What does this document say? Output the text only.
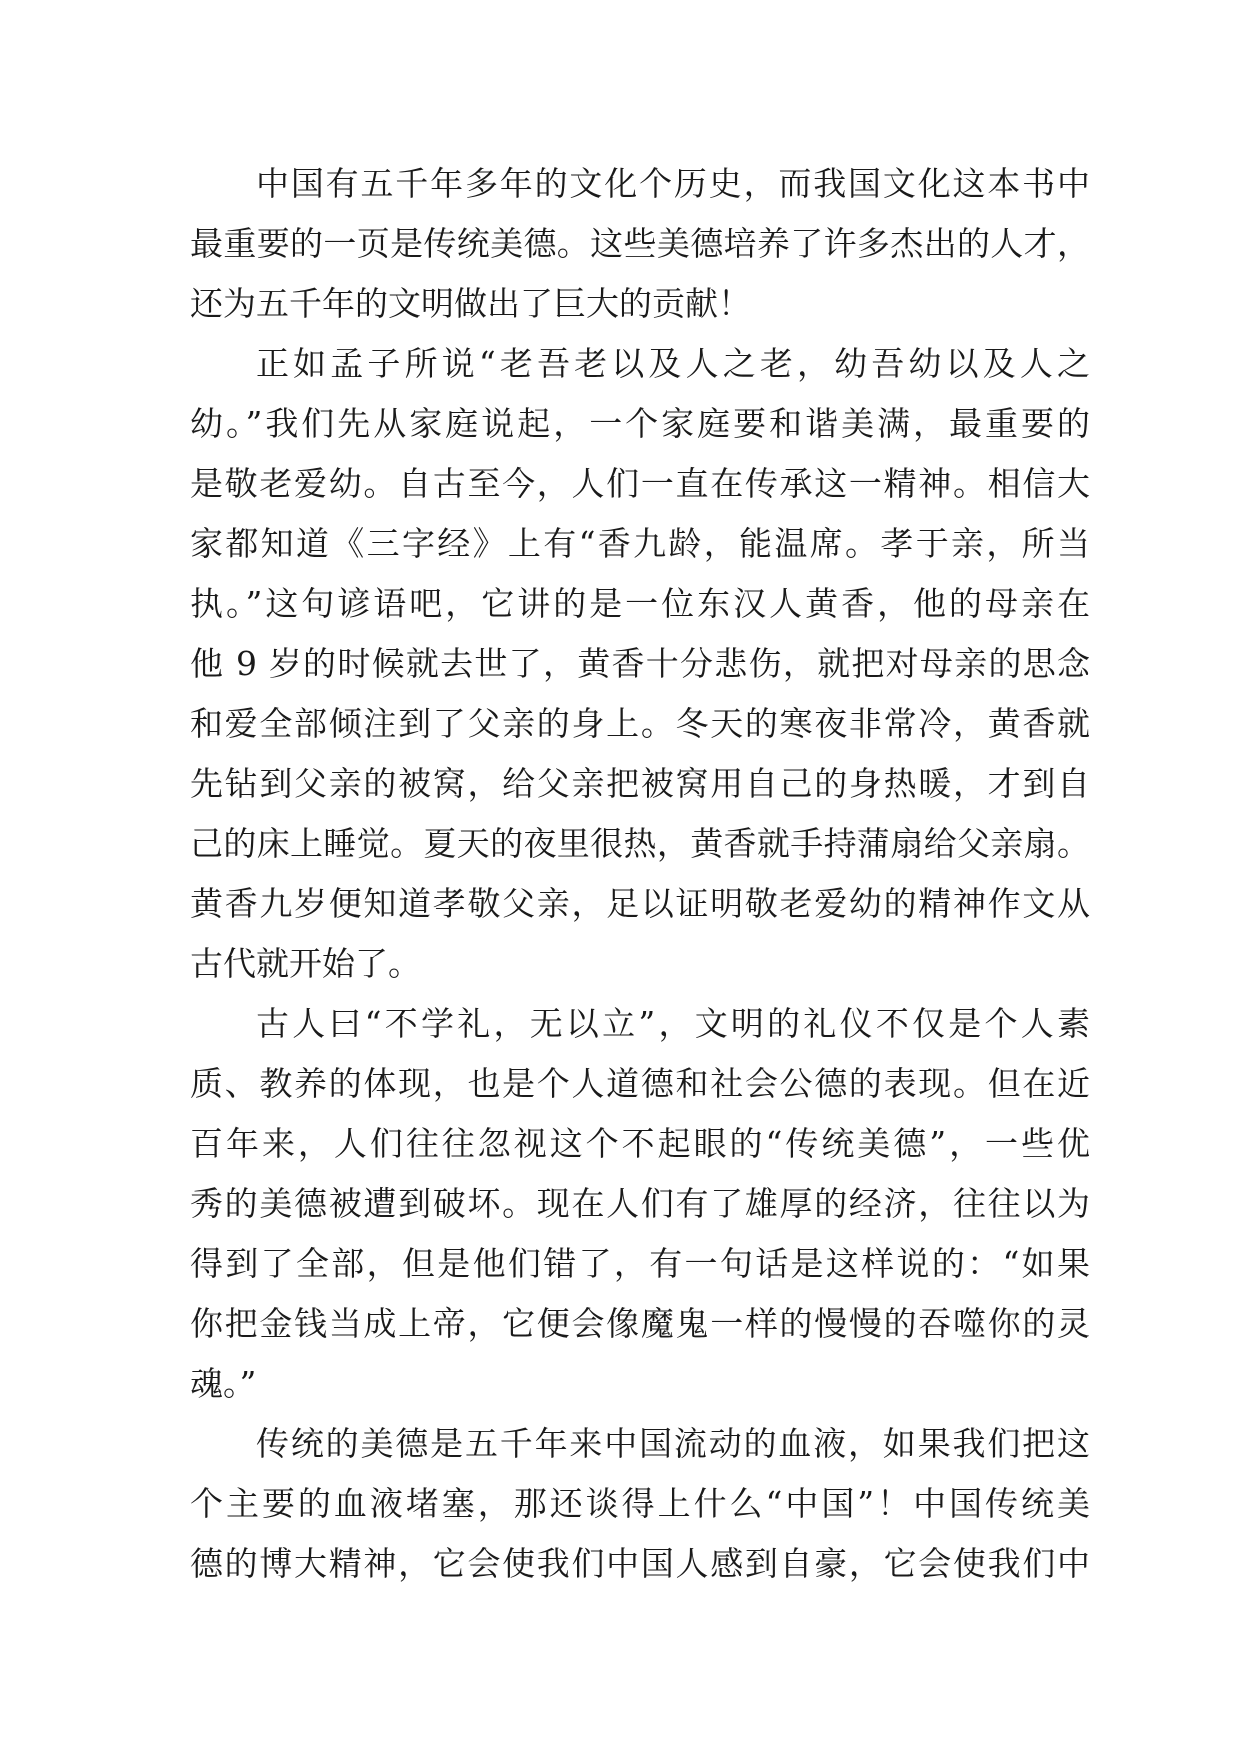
中国有五千年多年的文化个历史，而我国文化这本书中
最重要的一页是传统美德。这些美德培养了许多杰出的人才，
还为五千年的文明做出了巨大的贡献！
正如孟子所说“老吾老以及人之老，幼吾幼以及人之
幼。”我们先从家庭说起，一个家庭要和谐美满，最重要的
是敬老爱幼。自古至今，人们一直在传承这一精神。相信大
家都知道《三字经》上有“香九龄，能温席。孝于亲，所当
执。”这句谚语吧，它讲的是一位东汉人黄香，他的母亲在
他 9 岁的时候就去世了，黄香十分悲伤，就把对母亲的思念
和爱全部倾注到了父亲的身上。冬天的寒夜非常冷，黄香就
先钻到父亲的被窝，给父亲把被窝用自己的身热暖，才到自
己的床上睡觉。夏天的夜里很热，黄香就手持蒲扇给父亲扇。
黄香九岁便知道孝敬父亲，足以证明敬老爱幼的精神作文从
古代就开始了。
古人曰“不学礼，无以立”，文明的礼仪不仅是个人素
质、教养的体现，也是个人道德和社会公德的表现。但在近
百年来，人们往往忽视这个不起眼的“传统美德”，一些优
秀的美德被遭到破坏。现在人们有了雄厚的经济，往往以为
得到了全部，但是他们错了，有一句话是这样说的：“如果
你把金钱当成上帝，它便会像魔鬼一样的慢慢的吞噬你的灵
魂。”
传统的美德是五千年来中国流动的血液，如果我们把这
个主要的血液堵塞，那还谈得上什么“中国”！中国传统美
德的博大精神，它会使我们中国人感到自豪，它会使我们中
